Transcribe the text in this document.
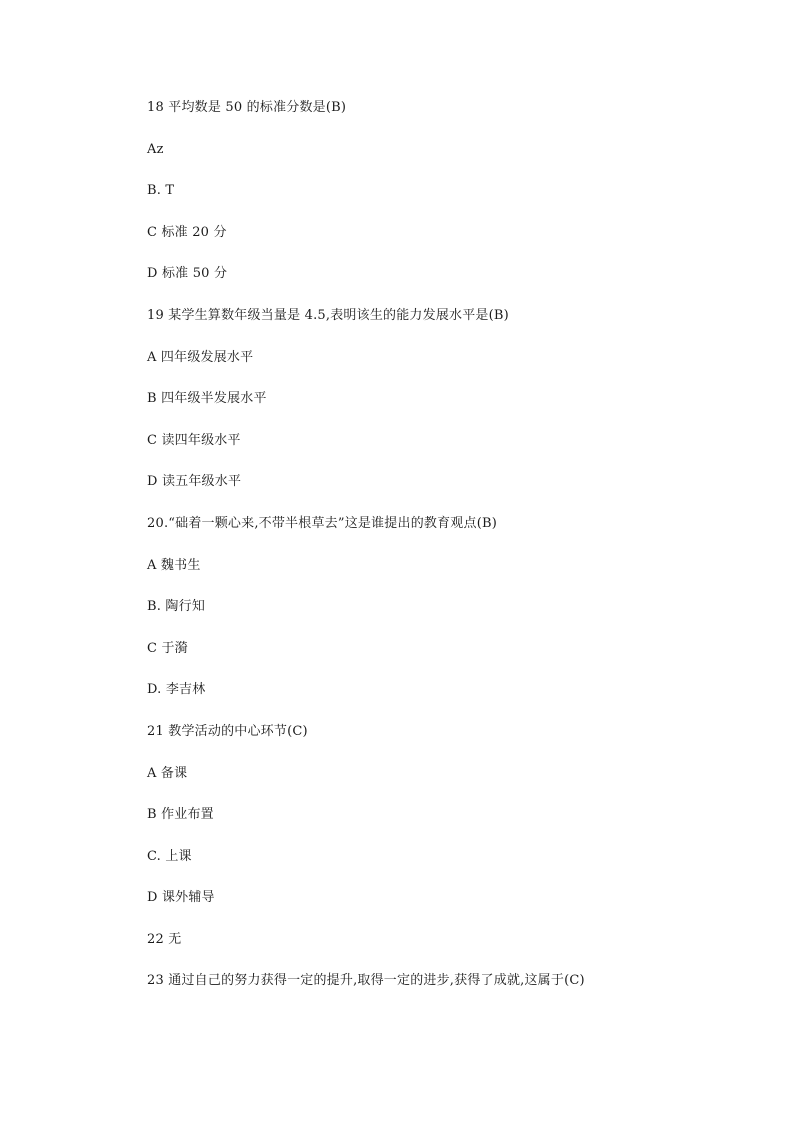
18 平均数是 50 的标准分数是(B)
Az
B. T
C 标准 20 分
D 标准 50 分
19 某学生算数年级当量是 4.5,表明该生的能力发展水平是(B)
A 四年级发展水平
B 四年级半发展水平
C 读四年级水平
D 读五年级水平
20.“础着一颗心来,不带半根草去”这是谁提出的教育观点(B)
A 魏书生
B. 陶行知
C 于漪
D. 李吉林
21 教学活动的中心环节(C)
A 备课
B 作业布置
C. 上课
D 课外辅导
22 无
23 通过自己的努力获得一定的提升,取得一定的进步,获得了成就,这属于(C)
